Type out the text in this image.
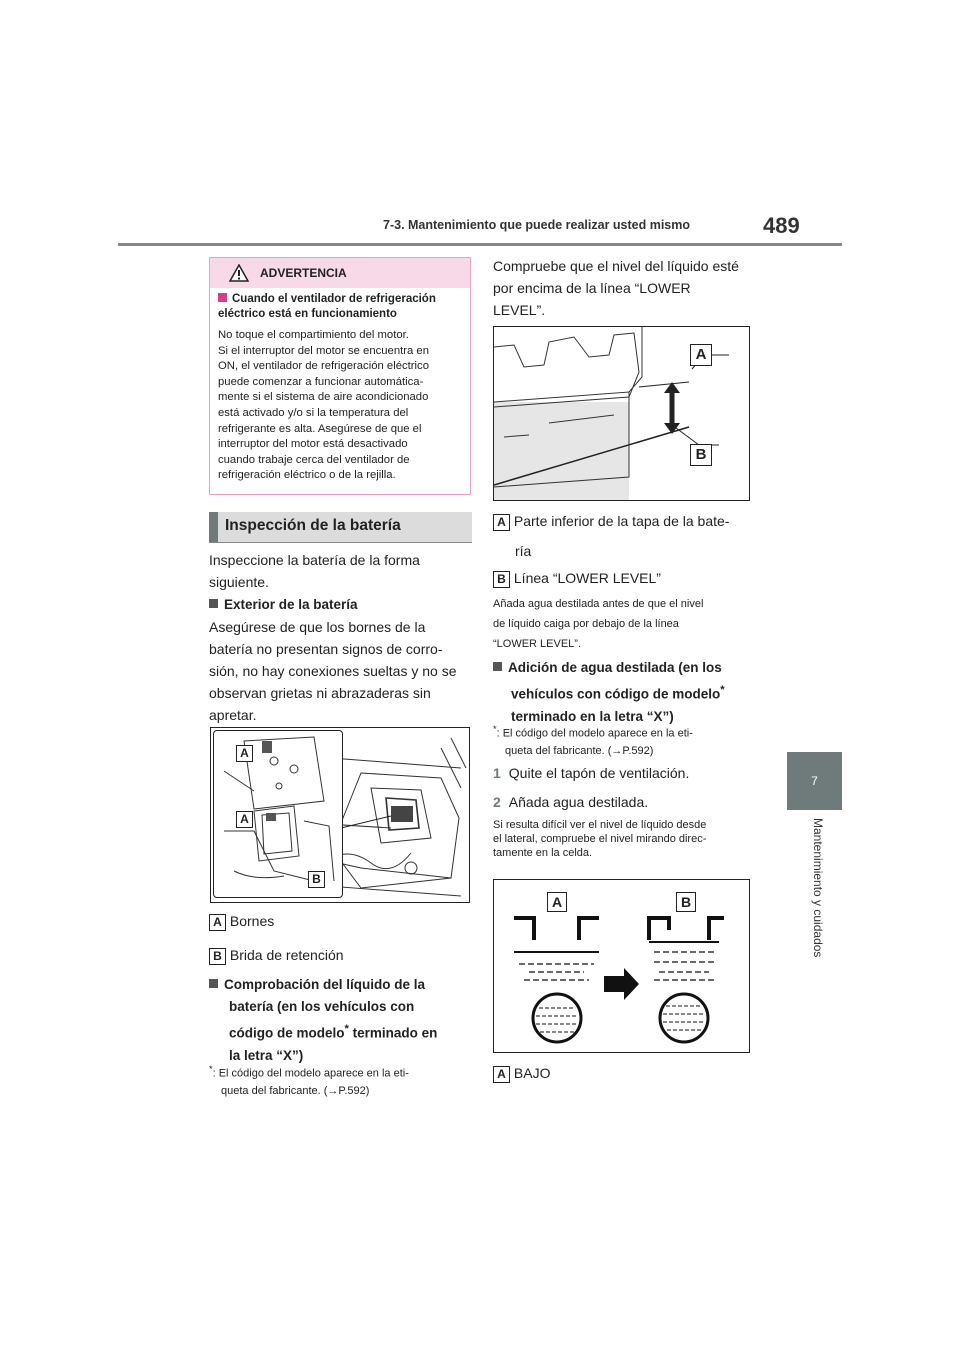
7-3. Mantenimiento que puede realizar usted mismo	489
7
Mantenimiento y cuidados
ADVERTENCIA
Cuando el ventilador de refrigeración eléctrico está en funcionamiento
No toque el compartimiento del motor.
Si el interruptor del motor se encuentra en
ON, el ventilador de refrigeración eléctrico
puede comenzar a funcionar automática-
mente si el sistema de aire acondicionado
está activado y/o si la temperatura del
refrigerante es alta. Asegúrese de que el
interruptor del motor está desactivado
cuando trabaje cerca del ventilador de
refrigeración eléctrico o de la rejilla.
Inspección de la batería
Inspeccione la batería de la forma
siguiente.
Exterior de la batería
Asegúrese de que los bornes de la
batería no presentan signos de corro-
sión, no hay conexiones sueltas y no se
observan grietas ni abrazaderas sin
apretar.
A
A
B
A Bornes
B Brida de retención
Comprobación del líquido de la
batería (en los vehículos con
código de modelo* terminado en
la letra “X”)
*: El código del modelo aparece en la eti-
queta del fabricante. (→P.592)
Compruebe que el nivel del líquido esté
por encima de la línea “LOWER
LEVEL”.
A
B
A Parte inferior de la tapa de la bate-
ría
B Línea “LOWER LEVEL”
Añada agua destilada antes de que el nivel
de líquido caiga por debajo de la línea
“LOWER LEVEL”.
Adición de agua destilada (en los
vehículos con código de modelo*
terminado en la letra “X”)
*: El código del modelo aparece en la eti-
queta del fabricante. (→P.592)
1 Quite el tapón de ventilación.
2 Añada agua destilada.
Si resulta difícil ver el nivel de líquido desde
el lateral, compruebe el nivel mirando direc-
tamente en la celda.
A	B
A BAJO
